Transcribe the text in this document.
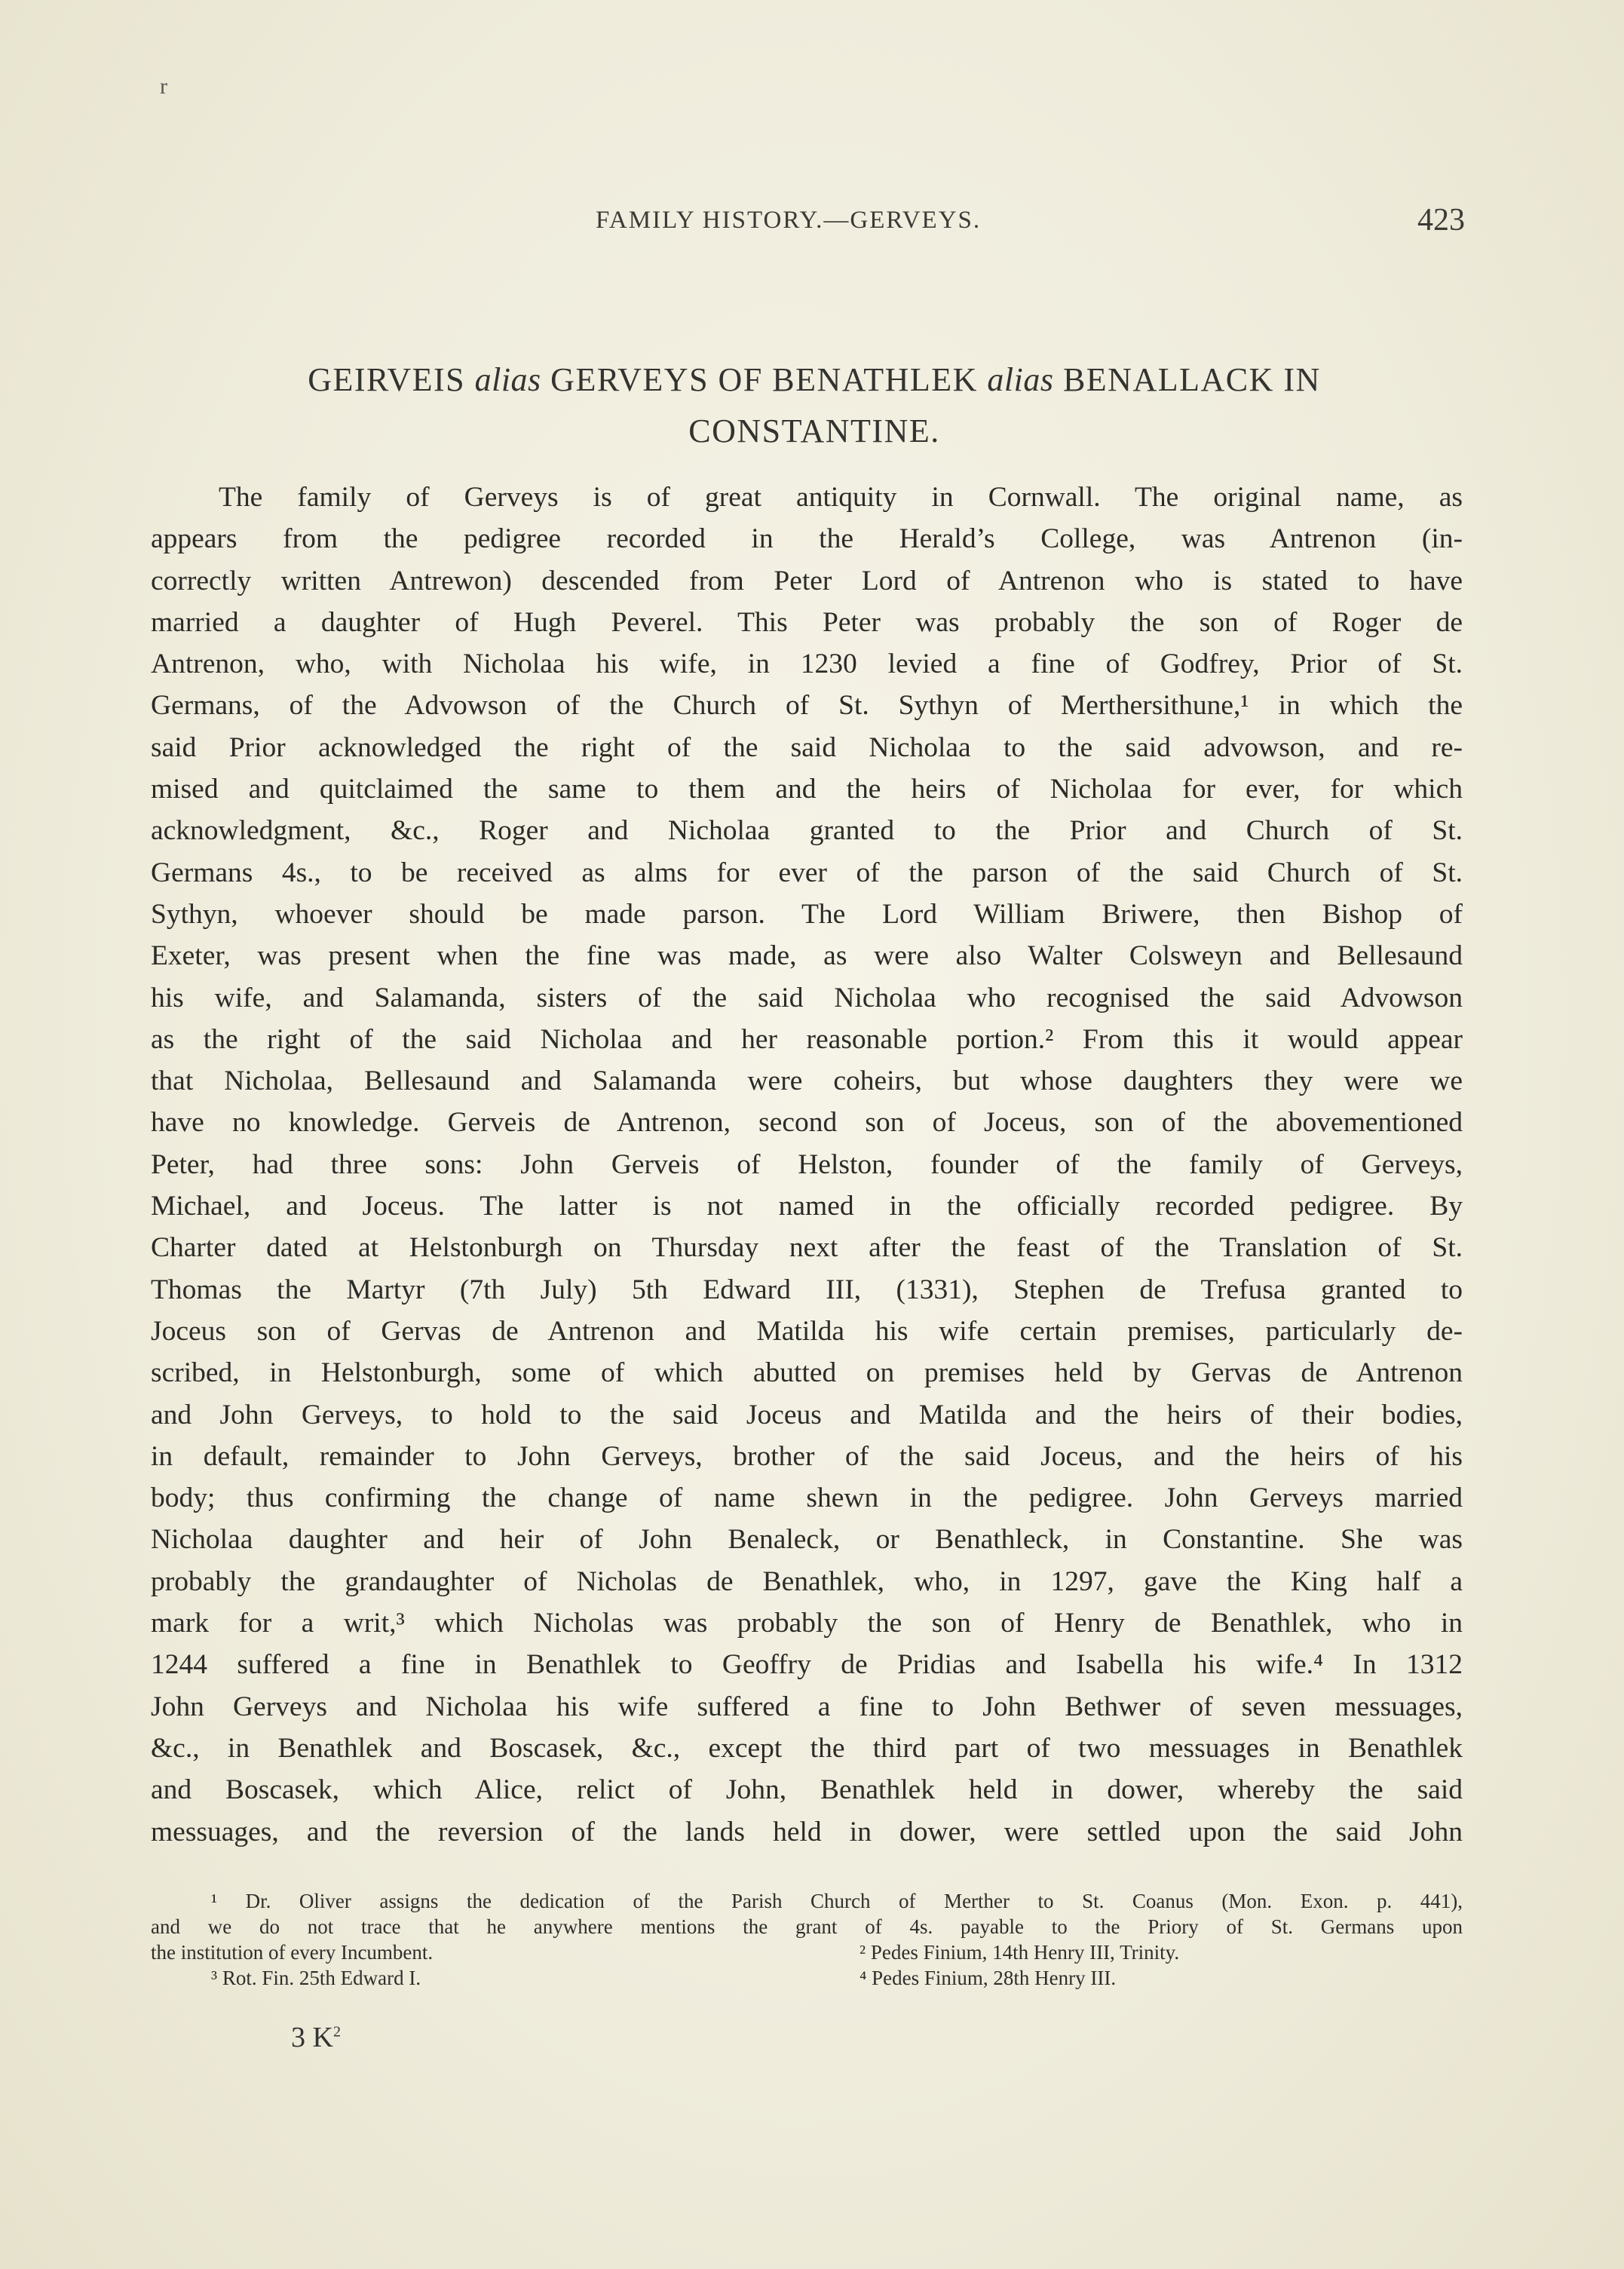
r
FAMILY HISTORY.—GERVEYS.	423
GEIRVEIS alias GERVEYS OF BENATHLEK alias BENALLACK IN
CONSTANTINE.
The family of Gerveys is of great antiquity in Cornwall. The original name, as
appears from the pedigree recorded in the Herald’s College, was Antrenon (in-
correctly written Antrewon) descended from Peter Lord of Antrenon who is stated to have
married a daughter of Hugh Peverel. This Peter was probably the son of Roger de
Antrenon, who, with Nicholaa his wife, in 1230 levied a fine of Godfrey, Prior of St.
Germans, of the Advowson of the Church of St. Sythyn of Merthersithune,¹ in which the
said Prior acknowledged the right of the said Nicholaa to the said advowson, and re-
mised and quitclaimed the same to them and the heirs of Nicholaa for ever, for which
acknowledgment, &c., Roger and Nicholaa granted to the Prior and Church of St.
Germans 4s., to be received as alms for ever of the parson of the said Church of St.
Sythyn, whoever should be made parson. The Lord William Briwere, then Bishop of
Exeter, was present when the fine was made, as were also Walter Colsweyn and Bellesaund
his wife, and Salamanda, sisters of the said Nicholaa who recognised the said Advowson
as the right of the said Nicholaa and her reasonable portion.² From this it would appear
that Nicholaa, Bellesaund and Salamanda were coheirs, but whose daughters they were we
have no knowledge. Gerveis de Antrenon, second son of Joceus, son of the abovementioned
Peter, had three sons: John Gerveis of Helston, founder of the family of Gerveys,
Michael, and Joceus. The latter is not named in the officially recorded pedigree. By
Charter dated at Helstonburgh on Thursday next after the feast of the Translation of St.
Thomas the Martyr (7th July) 5th Edward III, (1331), Stephen de Trefusa granted to
Joceus son of Gervas de Antrenon and Matilda his wife certain premises, particularly de-
scribed, in Helstonburgh, some of which abutted on premises held by Gervas de Antrenon
and John Gerveys, to hold to the said Joceus and Matilda and the heirs of their bodies,
in default, remainder to John Gerveys, brother of the said Joceus, and the heirs of his
body; thus confirming the change of name shewn in the pedigree. John Gerveys married
Nicholaa daughter and heir of John Benaleck, or Benathleck, in Constantine. She was
probably the grandaughter of Nicholas de Benathlek, who, in 1297, gave the King half a
mark for a writ,³ which Nicholas was probably the son of Henry de Benathlek, who in
1244 suffered a fine in Benathlek to Geoffry de Pridias and Isabella his wife.⁴ In 1312
John Gerveys and Nicholaa his wife suffered a fine to John Bethwer of seven messuages,
&c., in Benathlek and Boscasek, &c., except the third part of two messuages in Benathlek
and Boscasek, which Alice, relict of John, Benathlek held in dower, whereby the said
messuages, and the reversion of the lands held in dower, were settled upon the said John
¹ Dr. Oliver assigns the dedication of the Parish Church of Merther to St. Coanus (Mon. Exon. p. 441),
and we do not trace that he anywhere mentions the grant of 4s. payable to the Priory of St. Germans upon
the institution of every Incumbent.	² Pedes Finium, 14th Henry III, Trinity.
³ Rot. Fin. 25th Edward I.	⁴ Pedes Finium, 28th Henry III.
3 $K^2$
